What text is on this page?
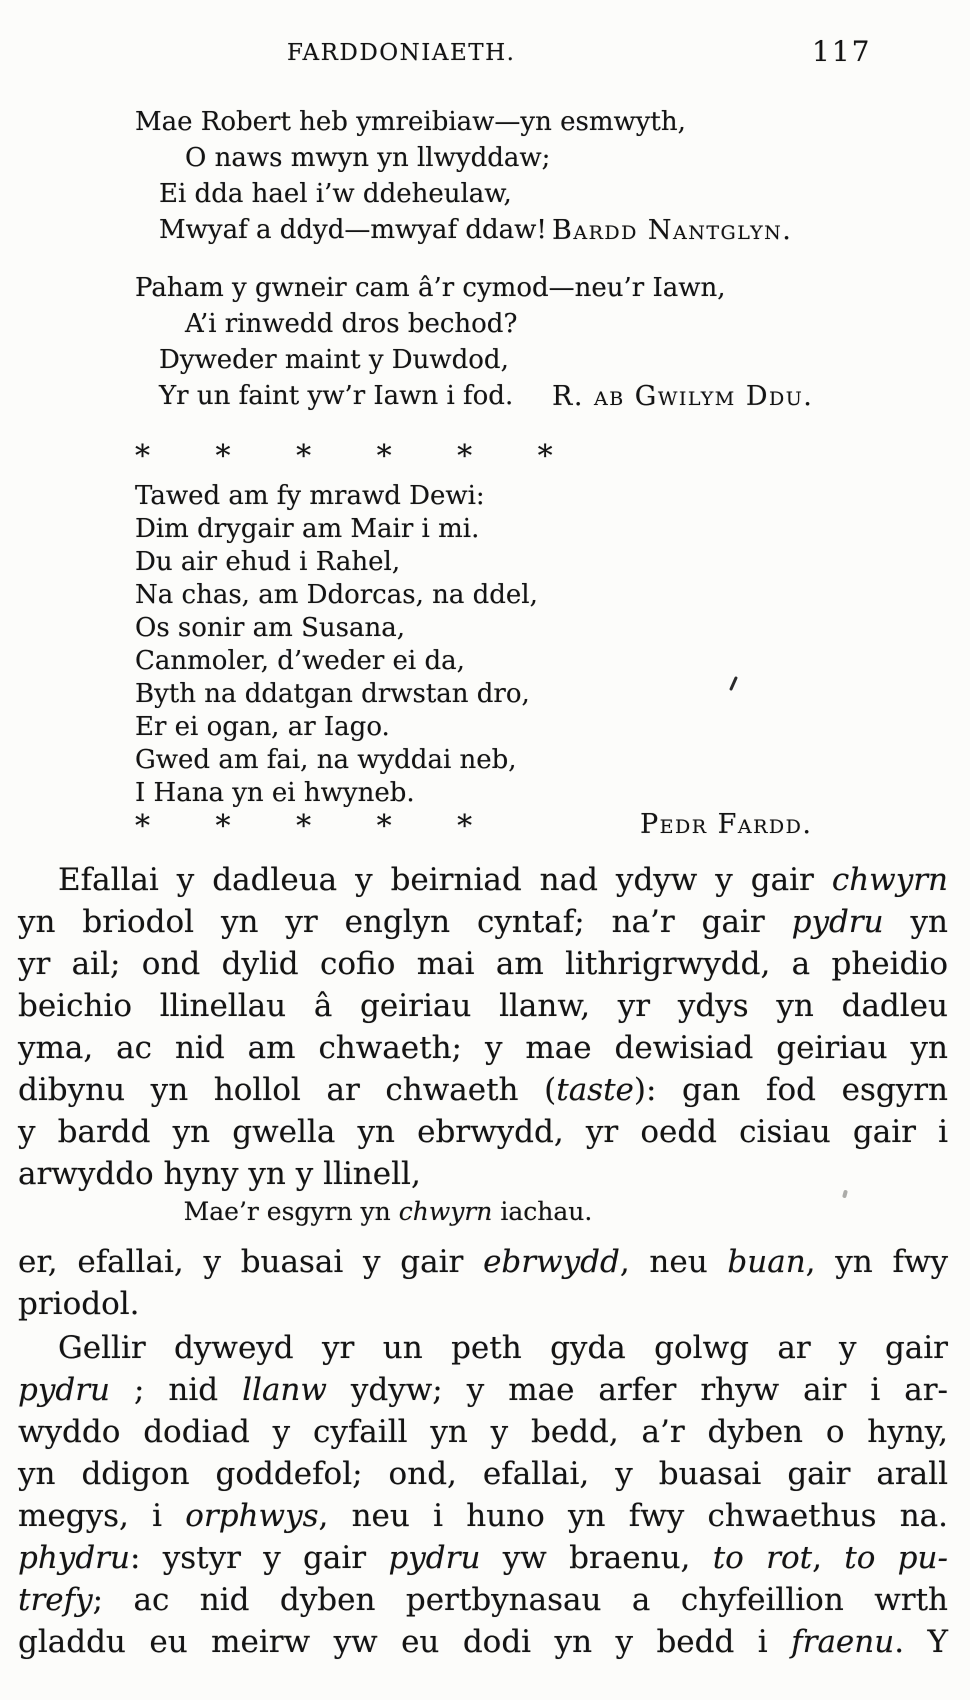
FARDDONIAETH.	117
Mae Robert heb ymreibiaw—yn esmwyth,
O naws mwyn yn llwyddaw;
Ei dda hael i’w ddeheulaw,
Mwyaf a ddyd—mwyaf ddaw! Bardd Nantglyn.
Paham y gwneir cam â’r cymod—neu’r Iawn,
A’i rinwedd dros bechod?
Dyweder maint y Duwdod,
Yr un faint yw’r Iawn i fod. R. ab Gwilym Ddu.
* * * * * *
Tawed am fy mrawd Dewi:
Dim drygair am Mair i mi.
Du air ehud i Rahel,
Na chas, am Ddorcas, na ddel,
Os sonir am Susana,
Canmoler, d’weder ei da,
Byth na ddatgan drwstan dro,
Er ei ogan, ar Iago.
Gwed am fai, na wyddai neb,
I Hana yn ei hwyneb.
* * * * *	Pedr Fardd.
Efallai y dadleua y beirniad nad ydyw y gair chwyrn
yn briodol yn yr englyn cyntaf; na’r gair pydru yn
yr ail; ond dylid cofio mai am lithrigrwydd, a pheidio
beichio llinellau â geiriau llanw, yr ydys yn dadleu
yma, ac nid am chwaeth; y mae dewisiad geiriau yn
dibynu yn hollol ar chwaeth (taste): gan fod esgyrn
y bardd yn gwella yn ebrwydd, yr oedd cisiau gair i
arwyddo hyny yn y llinell,
Mae’r esgyrn yn chwyrn iachau.
er, efallai, y buasai y gair ebrwydd, neu buan, yn fwy
priodol.
Gellir dyweyd yr un peth gyda golwg ar y gair
pydru ; nid llanw ydyw; y mae arfer rhyw air i ar-
wyddo dodiad y cyfaill yn y bedd, a’r dyben o hyny,
yn ddigon goddefol; ond, efallai, y buasai gair arall
megys, i orphwys, neu i huno yn fwy chwaethus na.
phydru: ystyr y gair pydru yw braenu, to rot, to pu-
trefy; ac nid dyben pertbynasau a chyfeillion wrth
gladdu eu meirw yw eu dodi yn y bedd i fraenu. Y
